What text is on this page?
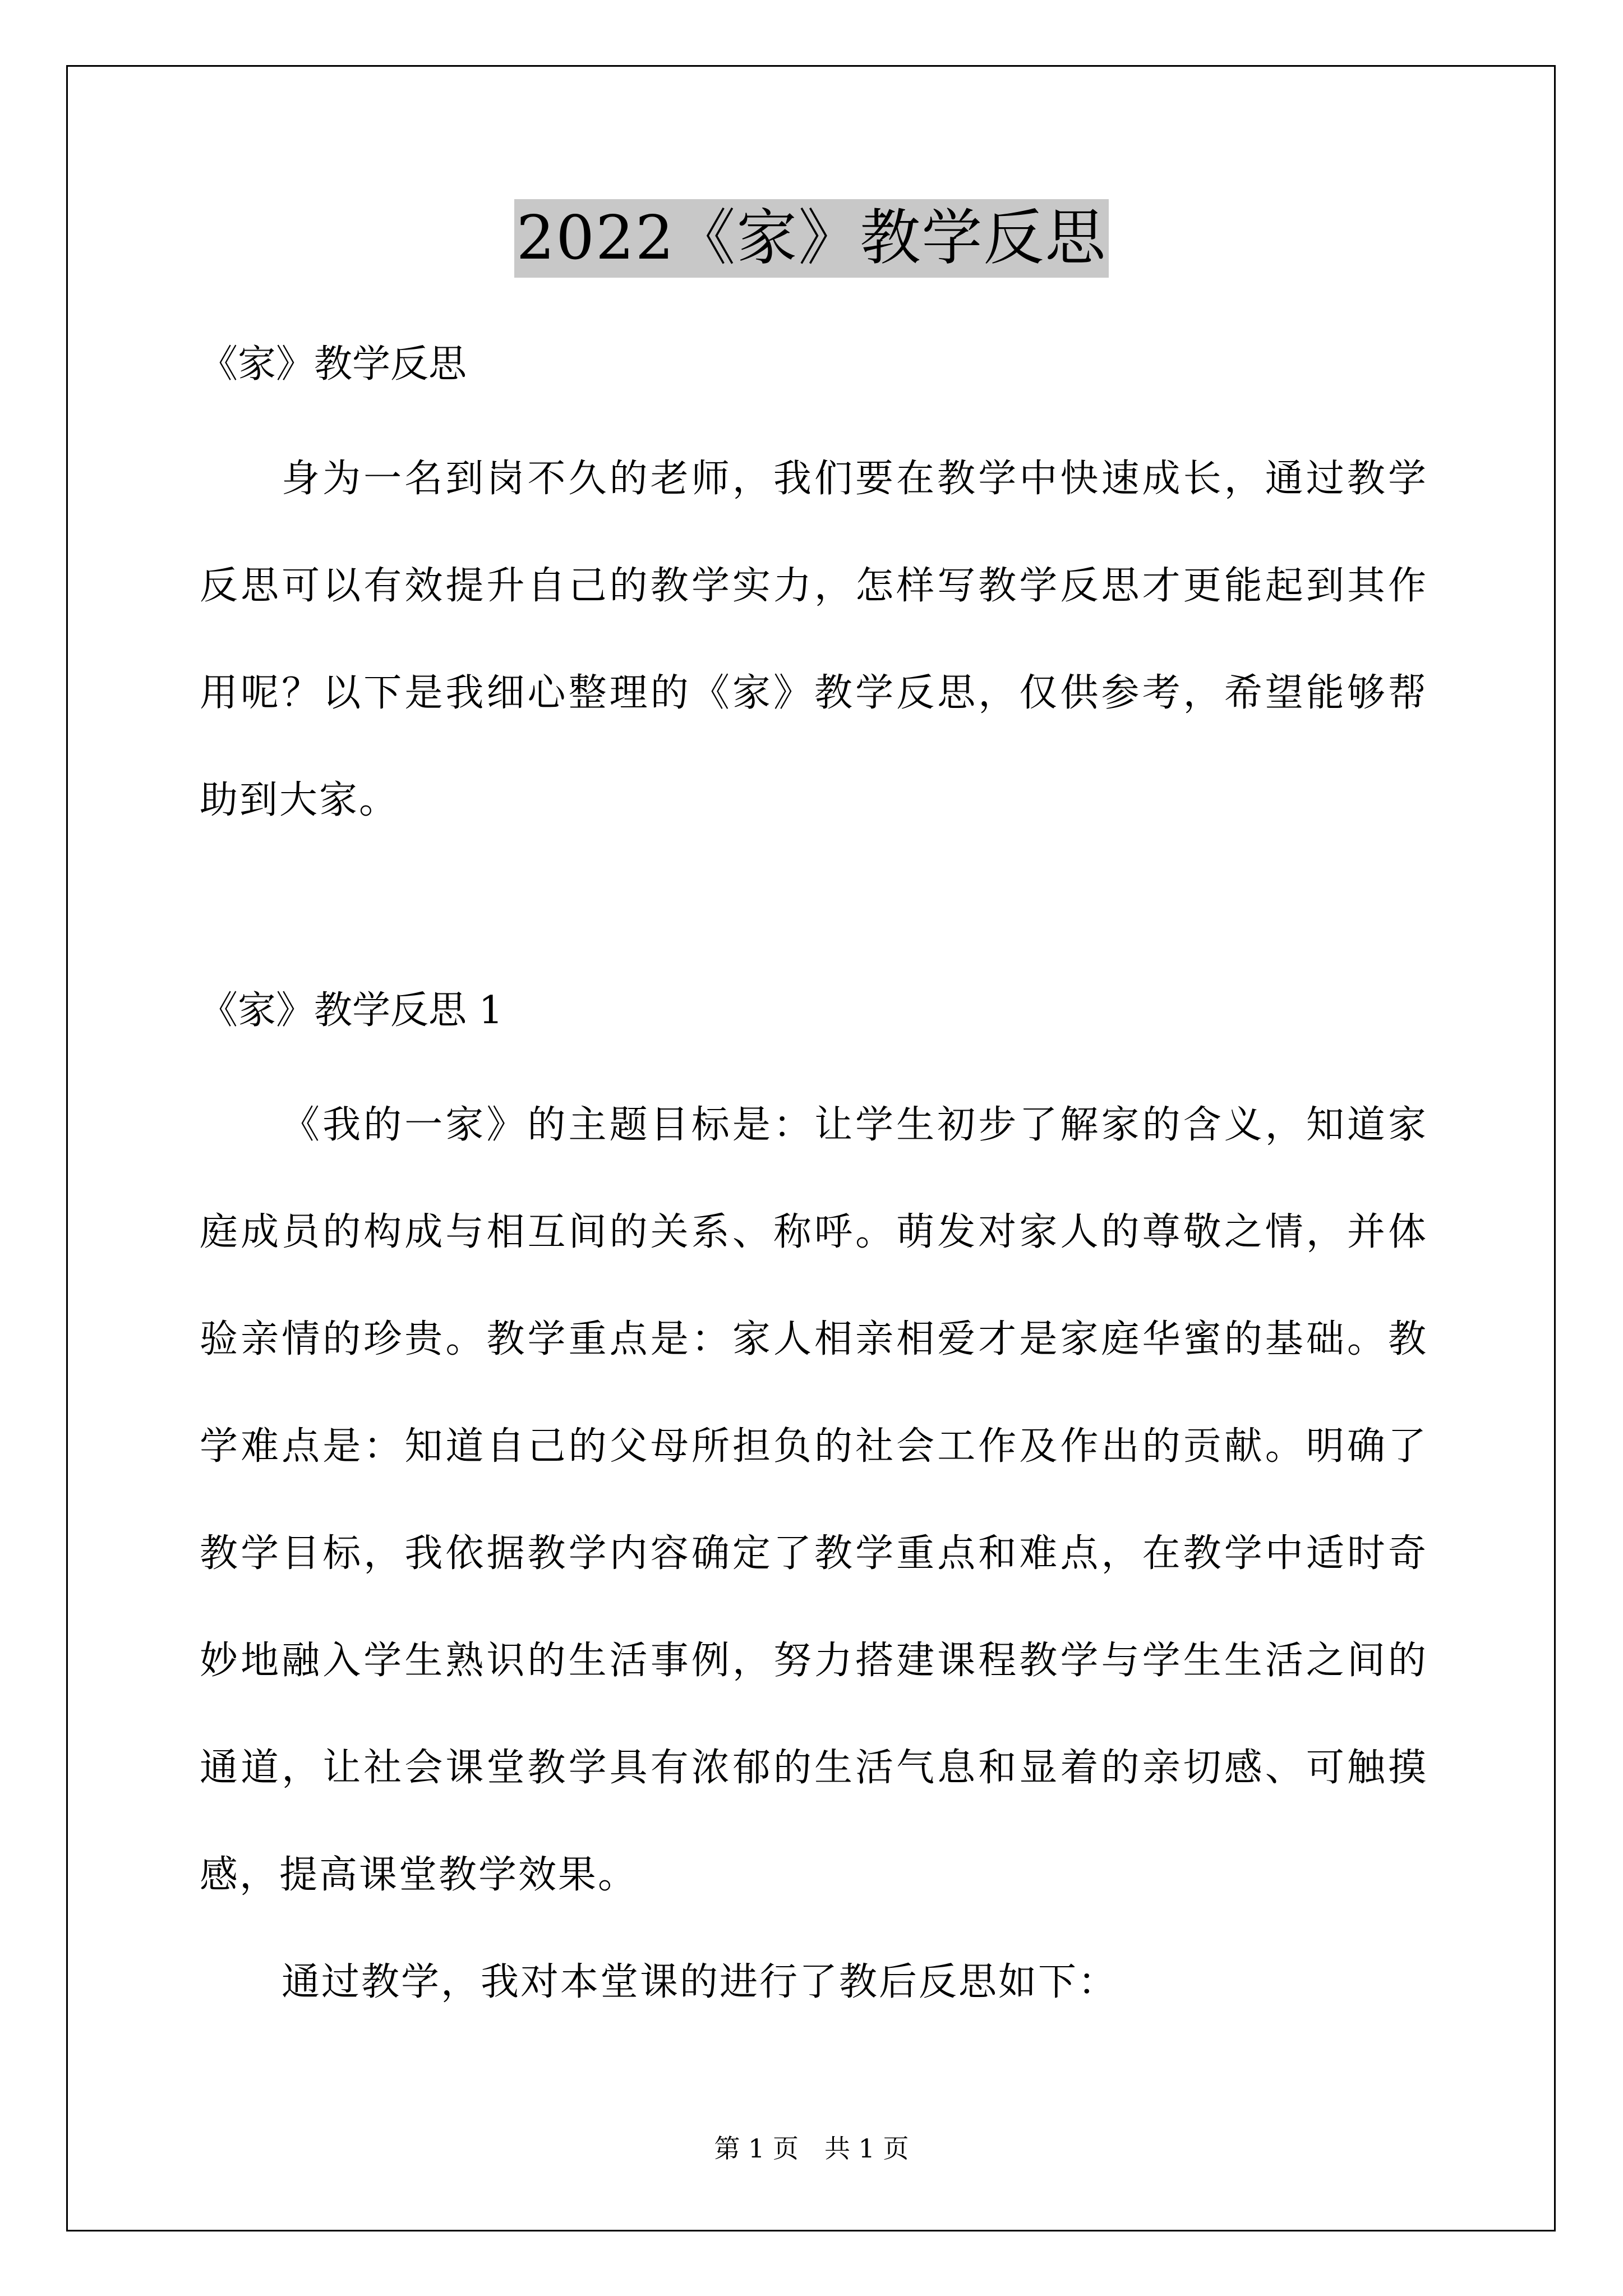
2022《家》教学反思

《家》教学反思

身为一名到岗不久的老师，我们要在教学中快速成长，通过教学反思可以有效提升自己的教学实力，怎样写教学反思才更能起到其作用呢？以下是我细心整理的《家》教学反思，仅供参考，希望能够帮助到大家。

《家》教学反思 1

《我的一家》的主题目标是：让学生初步了解家的含义，知道家庭成员的构成与相互间的关系、称呼。萌发对家人的尊敬之情，并体验亲情的珍贵。教学重点是：家人相亲相爱才是家庭华蜜的基础。教学难点是：知道自己的父母所担负的社会工作及作出的贡献。明确了教学目标，我依据教学内容确定了教学重点和难点，在教学中适时奇妙地融入学生熟识的生活事例，努力搭建课程教学与学生生活之间的通道，让社会课堂教学具有浓郁的生活气息和显着的亲切感、可触摸感，提高课堂教学效果。

通过教学，我对本堂课的进行了教后反思如下：

第 1 页　共 1 页
